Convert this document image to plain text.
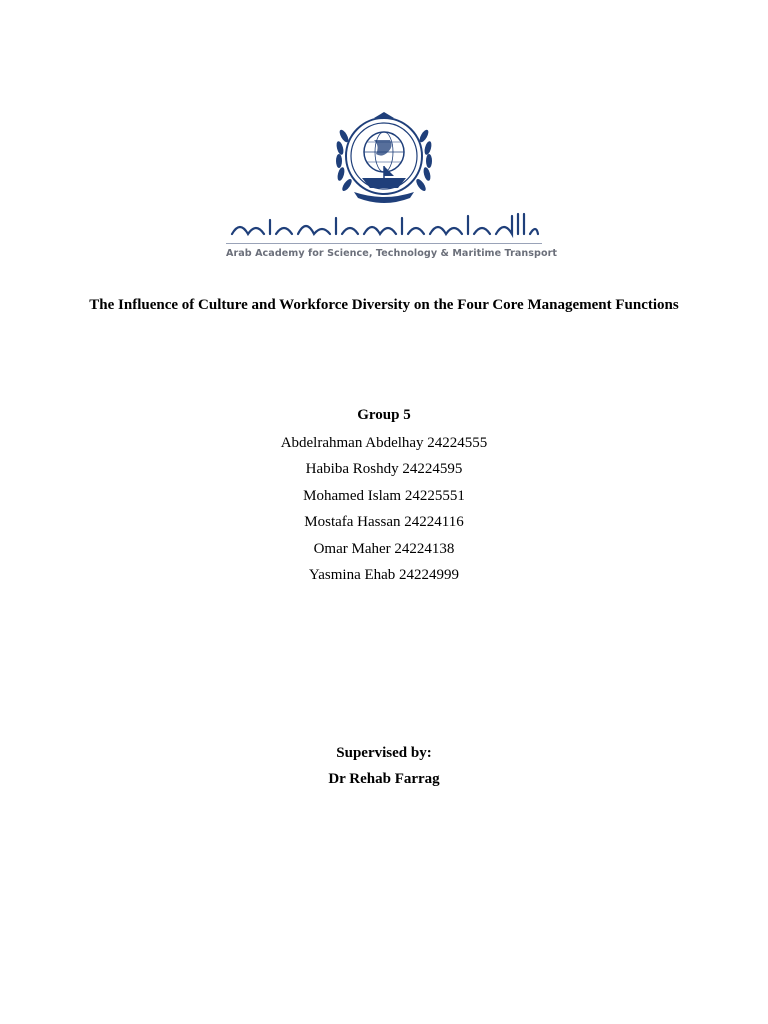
Arab Academy for Science, Technology & Maritime Transport
The Influence of Culture and Workforce Diversity on the Four Core Management Functions
Group 5
Abdelrahman Abdelhay 24224555
Habiba Roshdy 24224595
Mohamed Islam 24225551
Mostafa Hassan 24224116
Omar Maher 24224138
Yasmina Ehab 24224999
Supervised by:
Dr Rehab Farrag
